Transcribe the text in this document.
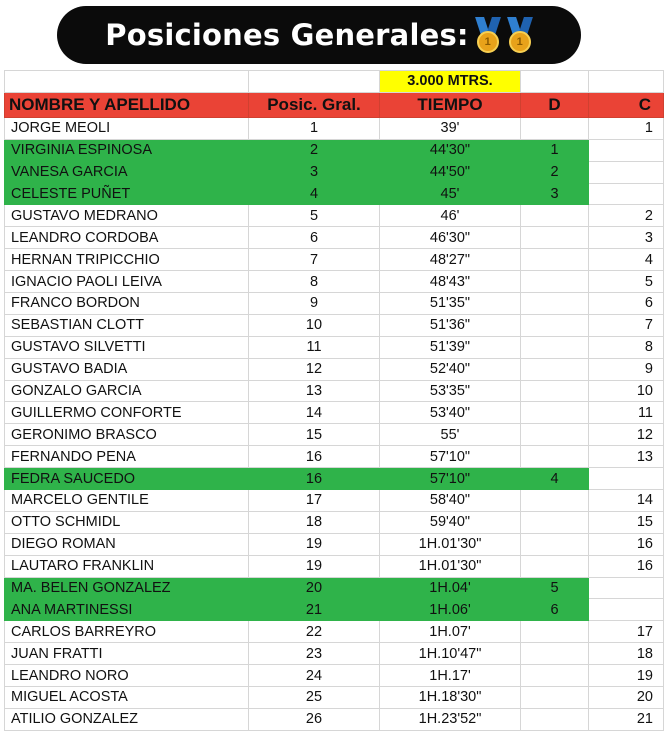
Posiciones Generales:	1	1
		3.000 MTRS.		
NOMBRE Y APELLIDO	Posic. Gral.	TIEMPO	D	C
JORGE MEOLI	1	39'		1
VIRGINIA ESPINOSA	2	44'30"	1	
VANESA GARCIA	3	44'50"	2	
CELESTE PUÑET	4	45'	3	
GUSTAVO MEDRANO	5	46'		2
LEANDRO CORDOBA	6	46'30"		3
HERNAN TRIPICCHIO	7	48'27"		4
IGNACIO PAOLI LEIVA	8	48'43"		5
FRANCO BORDON	9	51'35"		6
SEBASTIAN CLOTT	10	51'36"		7
GUSTAVO SILVETTI	11	51'39"		8
GUSTAVO BADIA	12	52'40"		9
GONZALO GARCIA	13	53'35"		10
GUILLERMO CONFORTE	14	53'40"		11
GERONIMO BRASCO	15	55'		12
FERNANDO PENA	16	57'10"		13
FEDRA SAUCEDO	16	57'10"	4	
MARCELO GENTILE	17	58'40"		14
OTTO SCHMIDL	18	59'40"		15
DIEGO ROMAN	19	1H.01'30"		16
LAUTARO FRANKLIN	19	1H.01'30"		16
MA. BELEN GONZALEZ	20	1H.04'	5	
ANA MARTINESSI	21	1H.06'	6	
CARLOS BARREYRO	22	1H.07'		17
JUAN FRATTI	23	1H.10'47"		18
LEANDRO NORO	24	1H.17'		19
MIGUEL ACOSTA	25	1H.18'30"		20
ATILIO GONZALEZ	26	1H.23'52"		21
